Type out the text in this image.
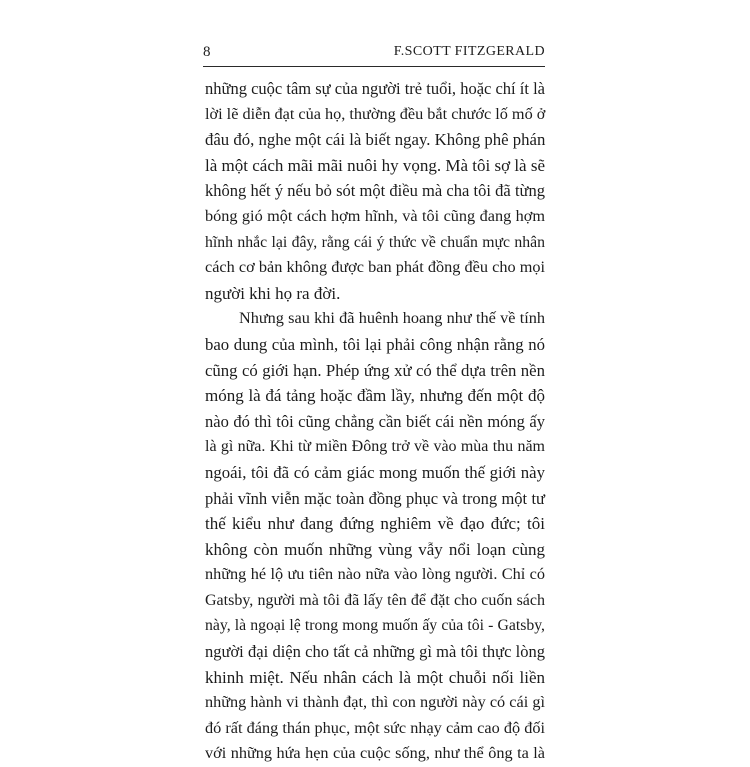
8	F.SCOTT FITZGERALD
những cuộc tâm sự của người trẻ tuổi, hoặc chí ít là
lời lẽ diễn đạt của họ, thường đều bắt chước lố mố ở
đâu đó, nghe một cái là biết ngay. Không phê phán
là một cách mãi mãi nuôi hy vọng. Mà tôi sợ là sẽ
không hết ý nếu bỏ sót một điều mà cha tôi đã từng
bóng gió một cách hợm hĩnh, và tôi cũng đang hợm
hĩnh nhắc lại đây, rằng cái ý thức về chuẩn mực nhân
cách cơ bản không được ban phát đồng đều cho mọi
người khi họ ra đời.
Nhưng sau khi đã huênh hoang như thế về tính
bao dung của mình, tôi lại phải công nhận rằng nó
cũng có giới hạn. Phép ứng xử có thể dựa trên nền
móng là đá tảng hoặc đầm lầy, nhưng đến một độ
nào đó thì tôi cũng chẳng cần biết cái nền móng ấy
là gì nữa. Khi từ miền Đông trở về vào mùa thu năm
ngoái, tôi đã có cảm giác mong muốn thế giới này
phải vĩnh viễn mặc toàn đồng phục và trong một tư
thế kiểu như đang đứng nghiêm về đạo đức; tôi
không còn muốn những vùng vẫy nổi loạn cùng
những hé lộ ưu tiên nào nữa vào lòng người. Chỉ có
Gatsby, người mà tôi đã lấy tên để đặt cho cuốn sách
này, là ngoại lệ trong mong muốn ấy của tôi - Gatsby,
người đại diện cho tất cả những gì mà tôi thực lòng
khinh miệt. Nếu nhân cách là một chuỗi nối liền
những hành vi thành đạt, thì con người này có cái gì
đó rất đáng thán phục, một sức nhạy cảm cao độ đối
với những hứa hẹn của cuộc sống, như thể ông ta là
